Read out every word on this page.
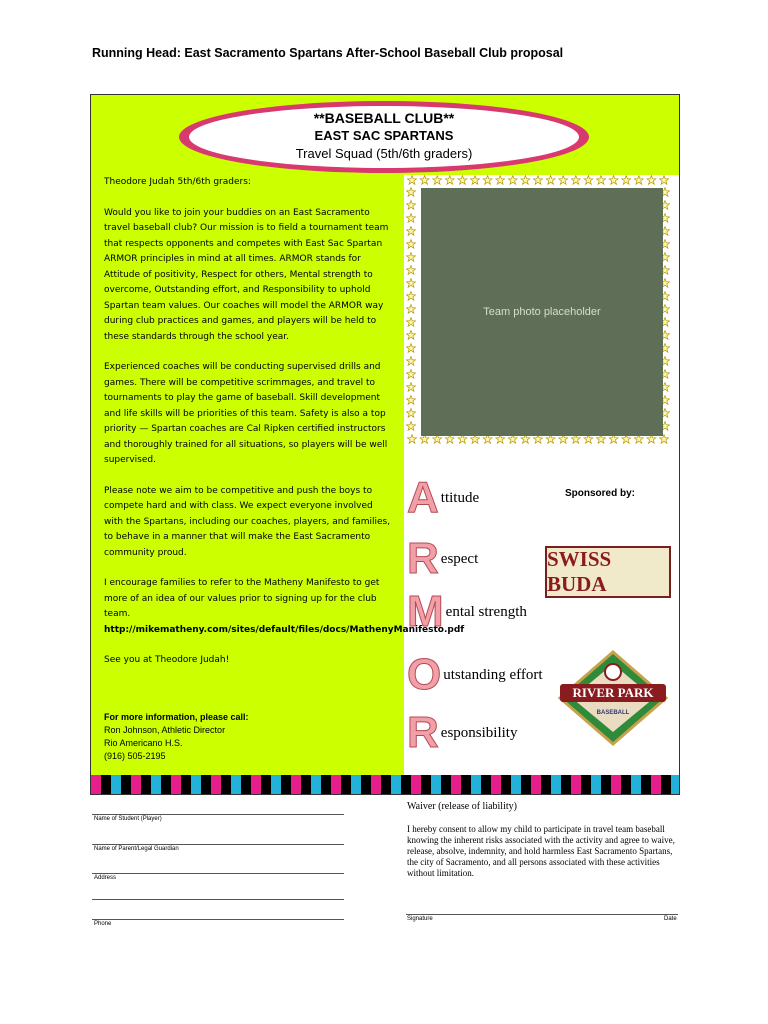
Running Head: East Sacramento Spartans After-School Baseball Club proposal
**BASEBALL CLUB**
EAST SAC SPARTANS
Travel Squad (5th/6th graders)

Theodore Judah 5th/6th graders:

Would you like to join your buddies on an East Sacramento travel baseball club? Our mission is to field a tournament team that respects opponents and competes with East Sac Spartan ARMOR principles in mind at all times. ARMOR stands for Attitude of positivity, Respect for others, Mental strength to overcome, Outstanding effort, and Responsibility to uphold Spartan team values. Our coaches will model the ARMOR way during club practices and games, and players will be held to these standards through the school year.

Experienced coaches will be conducting supervised drills and games. There will be competitive scrimmages, and travel to tournaments to play the game of baseball. Skill development and life skills will be priorities of this team. Safety is also a top priority — Spartan coaches are Cal Ripken certified instructors and thoroughly trained for all situations, so players will be well supervised.

Please note we aim to be competitive and push the boys to compete hard and with class. We expect everyone involved with the Spartans, including our coaches, players, and families, to behave in a manner that will make the East Sacramento community proud.

I encourage families to refer to the Matheny Manifesto to get more of an idea of our values prior to signing up for the club team.

http://mikematheny.com/sites/default/files/docs/MathenyManifesto.pdf

See you at Theodore Judah!

For more information, please call:
Ron Johnson, Athletic Director
Rio Americano H.S.
(916) 505-2195
Team photo placeholder
Attitude
Respect
Mental strength
Outstanding effort
Responsibility
Sponsored by:
SWISS BUDA
RIVER PARK
BASEBALL
Name of Student (Player)
Name of Parent/Legal Guardian
Address
Phone
Waiver (release of liability)
I hereby consent to allow my child to participate in travel team baseball knowing the inherent risks associated with the activity and agree to waive, release, absolve, indemnity, and hold harmless East Sacramento Spartans, the city of Sacramento, and all persons associated with these activities without limitation.
Signature	Date
